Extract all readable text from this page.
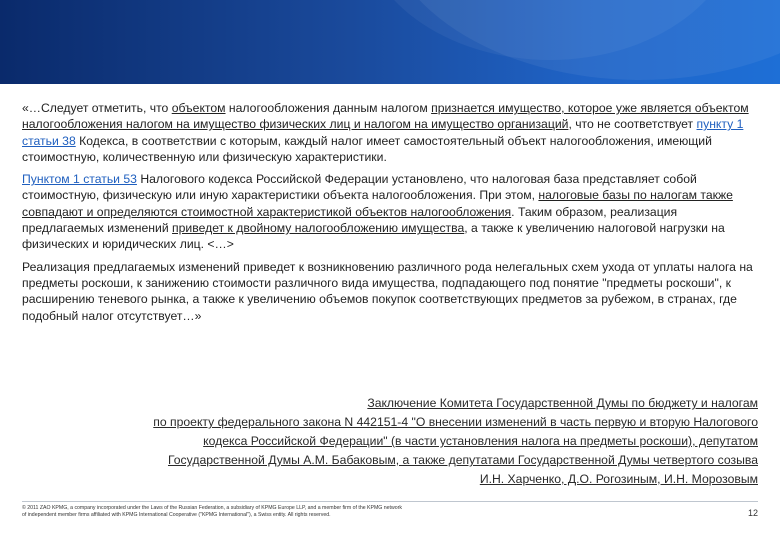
«…Следует отметить, что объектом налогообложения данным налогом признается имущество, которое уже является объектом налогообложения налогом на имущество физических лиц и налогом на имущество организаций, что не соответствует пункту 1 статьи 38 Кодекса, в соответствии с которым, каждый налог имеет самостоятельный объект налогообложения, имеющий стоимостную, количественную или физическую характеристики.

Пунктом 1 статьи 53 Налогового кодекса Российской Федерации установлено, что налоговая база представляет собой стоимостную, физическую или иную характеристики объекта налогообложения. При этом, налоговые базы по налогам также совпадают и определяются стоимостной характеристикой объектов налогообложения. Таким образом, реализация предлагаемых изменений приведет к двойному налогообложению имущества, а также к увеличению налоговой нагрузки на физических и юридических лиц. <…>

Реализация предлагаемых изменений приведет к возникновению различного рода нелегальных схем ухода от уплаты налога на предметы роскоши, к занижению стоимости различного вида имущества, подпадающего под понятие "предметы роскоши", к расширению теневого рынка, а также к увеличению объемов покупок соответствующих предметов за рубежом, в странах, где подобный налог отсутствует…»

Заключение Комитета Государственной Думы по бюджету и налогам
по проекту федерального закона N 442151-4 "О внесении изменений в часть первую и вторую Налогового
кодекса Российской Федерации" (в части установления налога на предметы роскоши), депутатом
Государственной Думы А.М. Бабаковым, а также депутатами Государственной Думы четвертого созыва
И.Н. Харченко, Д.О. Рогозиным, И.Н. Морозовым
© 2011 ZAO KPMG, a company incorporated under the Laws of the Russian Federation, a subsidiary of KPMG Europe LLP, and a member firm of the KPMG network
of independent member firms affiliated with KPMG International Cooperative ("KPMG International"), a Swiss entity. All rights reserved.	12
